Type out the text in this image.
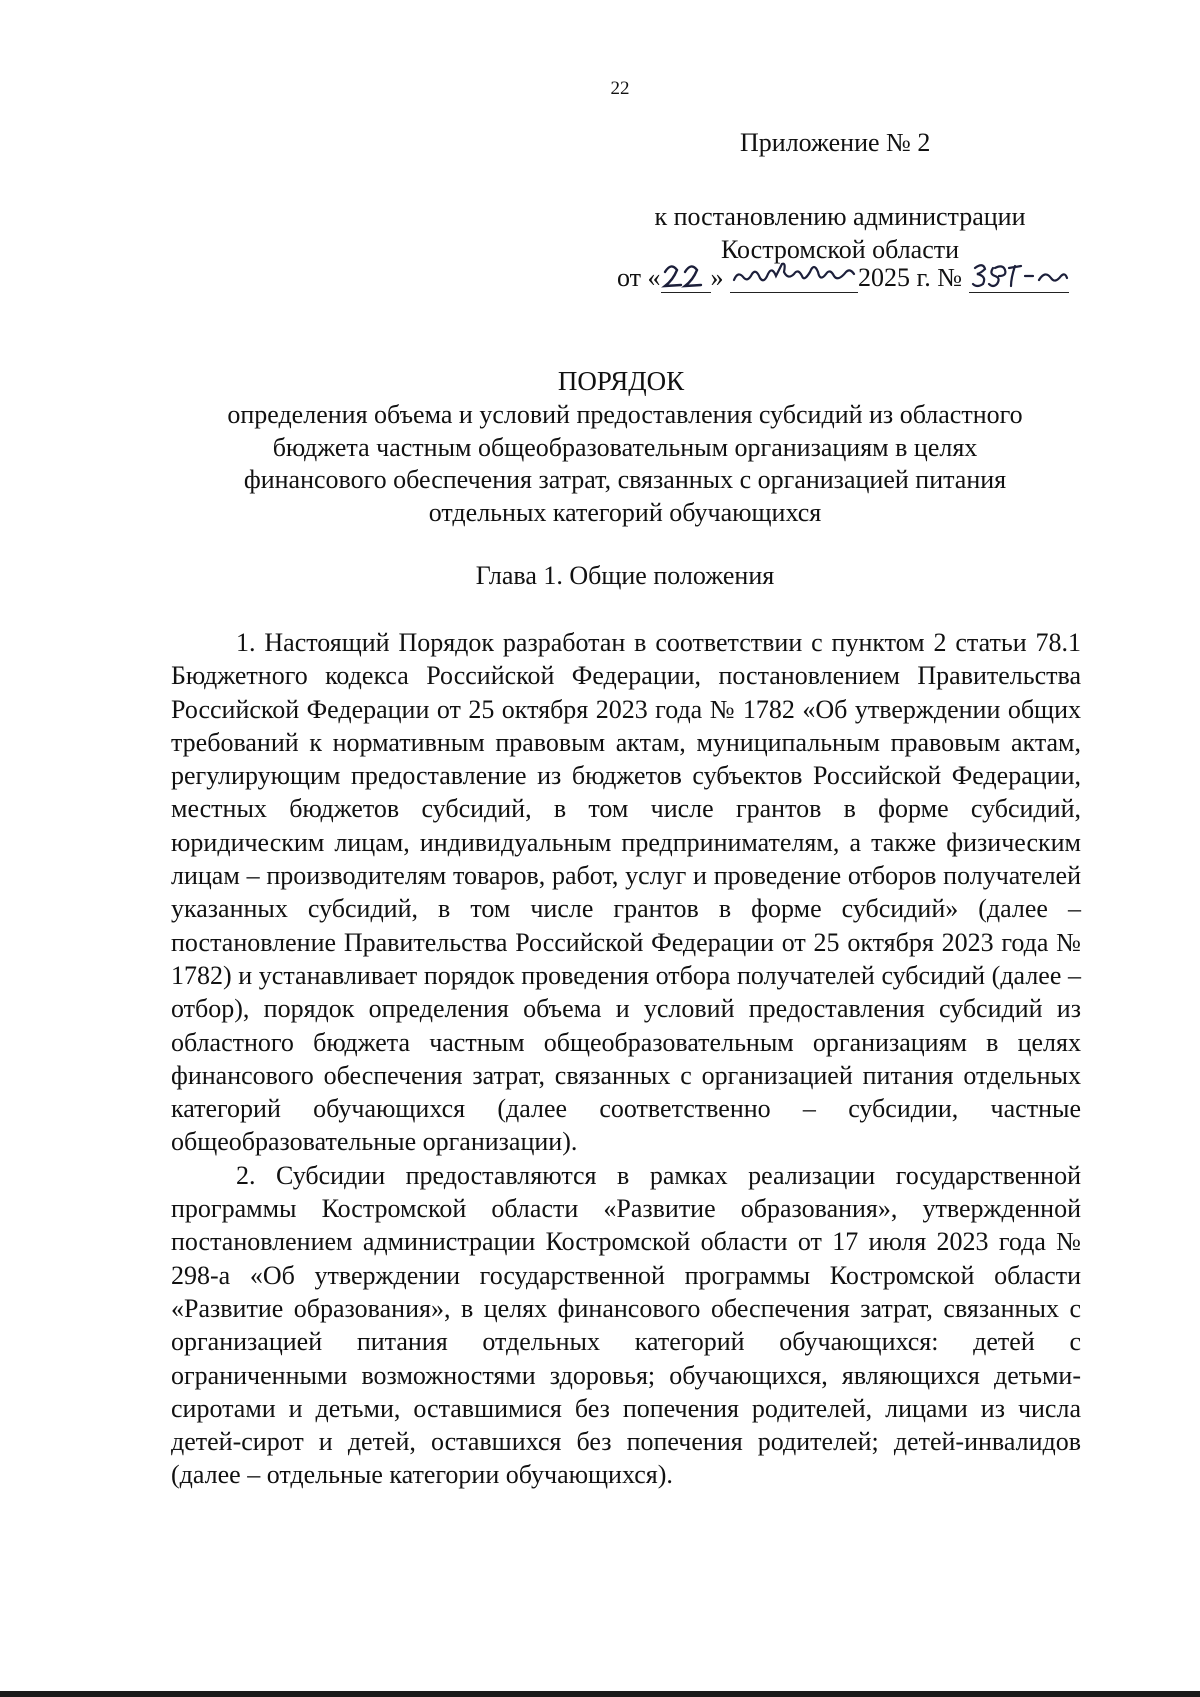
22
Приложение № 2
к постановлению администрации
Костромской области
от « »	2025 г. №
ПОРЯДОК
определения объема и условий предоставления субсидий из областного
бюджета частным общеобразовательным организациям в целях
финансового обеспечения затрат, связанных с организацией питания
отдельных категорий обучающихся
Глава 1. Общие положения

1. Настоящий Порядок разработан в соответствии с пунктом 2 статьи 78.1 Бюджетного кодекса Российской Федерации, постановлением Правительства Российской Федерации от 25 октября 2023 года № 1782 «Об утверждении общих требований к нормативным правовым актам, муниципальным правовым актам, регулирующим предоставление из бюджетов субъектов Российской Федерации, местных бюджетов субсидий, в том числе грантов в форме субсидий, юридическим лицам, индивидуальным предпринимателям, а также физическим лицам – производителям товаров, работ, услуг и проведение отборов получателей указанных субсидий, в том числе грантов в форме субсидий» (далее – постановление Правительства Российской Федерации от 25 октября 2023 года № 1782) и устанавливает порядок проведения отбора получателей субсидий (далее – отбор), порядок определения объема и условий предоставления субсидий из областного бюджета частным общеобразовательным организациям в целях финансового обеспечения затрат, связанных с организацией питания отдельных категорий обучающихся (далее соответственно – субсидии, частные общеобразовательные организации).

2. Субсидии предоставляются в рамках реализации государственной программы Костромской области «Развитие образования», утвержденной постановлением администрации Костромской области от 17 июля 2023 года № 298-а «Об утверждении государственной программы Костромской области «Развитие образования», в целях финансового обеспечения затрат, связанных с организацией питания отдельных категорий обучающихся: детей с ограниченными возможностями здоровья; обучающихся, являющихся детьми-сиротами и детьми, оставшимися без попечения родителей, лицами из числа детей-сирот и детей, оставшихся без попечения родителей; детей-инвалидов (далее – отдельные категории обучающихся).
